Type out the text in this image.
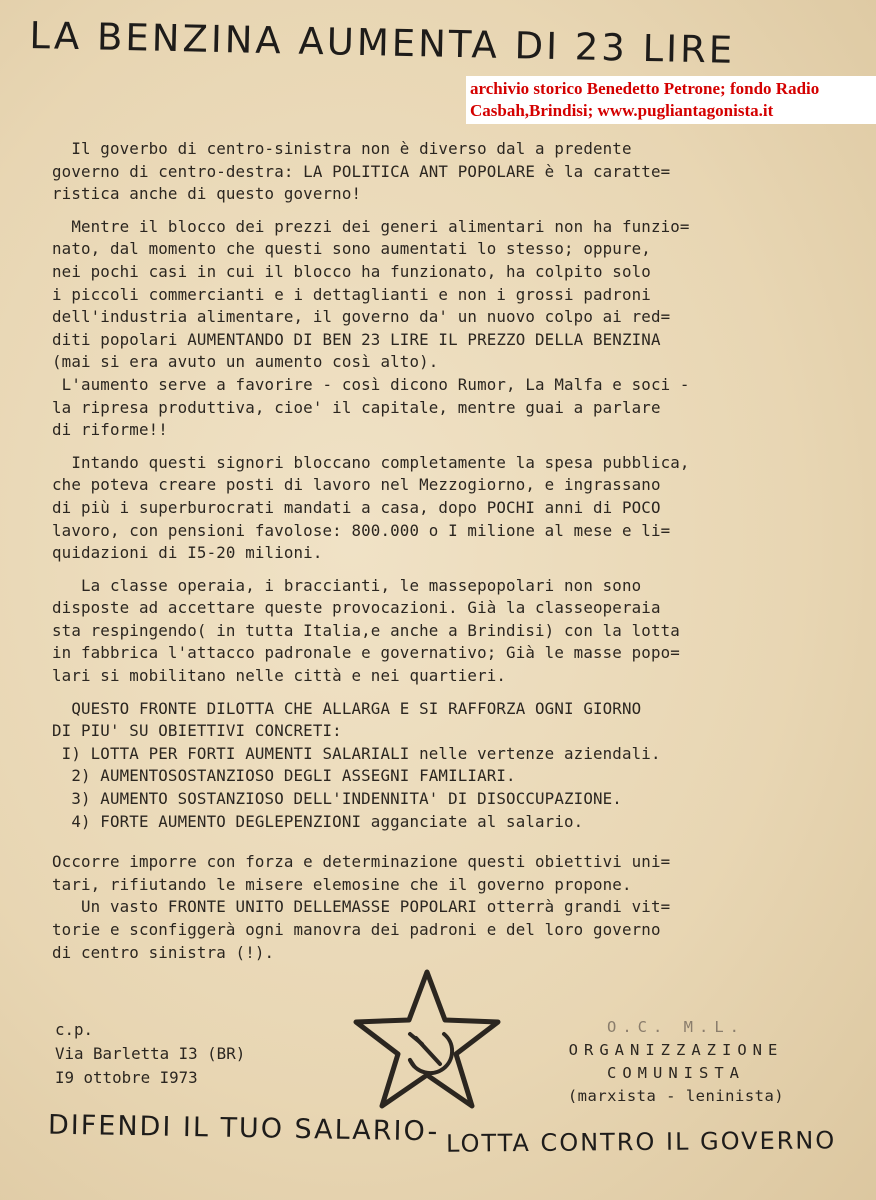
LA BENZINA AUMENTA DI 23 LIRE
archivio storico Benedetto Petrone; fondo Radio
Casbah,Brindisi; www.pugliantagonista.it

Il goverbo di centro-sinistra non è diverso dal a predente
governo di centro-destra: LA POLITICA ANT POPOLARE è la caratte=
ristica anche di questo governo!

Mentre il blocco dei prezzi dei generi alimentari non ha funzio=
nato, dal momento che questi sono aumentati lo stesso; oppure,
nei pochi casi in cui il blocco ha funzionato, ha colpito solo
i piccoli commercianti e i dettaglianti e non i grossi padroni
dell'industria alimentare, il governo da' un nuovo colpo ai red=
diti popolari AUMENTANDO DI BEN 23 LIRE IL PREZZO DELLA BENZINA
(mai si era avuto un aumento così alto).

L'aumento serve a favorire - così dicono Rumor, La Malfa e soci -
la ripresa produttiva, cioe' il capitale, mentre guai a parlare
di riforme!!

Intando questi signori bloccano completamente la spesa pubblica,
che poteva creare posti di lavoro nel Mezzogiorno, e ingrassano
di più i superburocrati mandati a casa, dopo POCHI anni di POCO
lavoro, con pensioni favolose: 800.000 o I milione al mese e li=
quidazioni di I5-20 milioni.

La classe operaia, i braccianti, le massepopolari non sono
disposte ad accettare queste provocazioni. Già la classeoperaia
sta respingendo( in tutta Italia,e anche a Brindisi) con la lotta
in fabbrica l'attacco padronale e governativo; Già le masse popo=
lari si mobilitano nelle città e nei quartieri.

QUESTO FRONTE DILOTTA CHE ALLARGA E SI RAFFORZA OGNI GIORNO
DI PIU' SU OBIETTIVI CONCRETI:
I) LOTTA PER FORTI AUMENTI SALARIALI nelle vertenze aziendali.
2) AUMENTOSOSTANZIOSO DEGLI ASSEGNI FAMILIARI.
3) AUMENTO SOSTANZIOSO DELL'INDENNITA' DI DISOCCUPAZIONE.
4) FORTE AUMENTO DEGLEPENZIONI agganciate al salario.

Occorre imporre con forza e determinazione questi obiettivi uni=
tari, rifiutando le misere elemosine che il governo propone.
Un vasto FRONTE UNITO DELLEMASSE POPOLARI otterrà grandi vit=
torie e sconfiggerà ogni manovra dei padroni e del loro governo
di centro sinistra (!).

c.p.
Via Barletta I3 (BR)
I9 ottobre I973
O.C. M.L.
ORGANIZZAZIONE
COMUNISTA
(marxista - leninista)
DIFENDI IL TUO SALARIO- LOTTA CONTRO IL GOVERNO
